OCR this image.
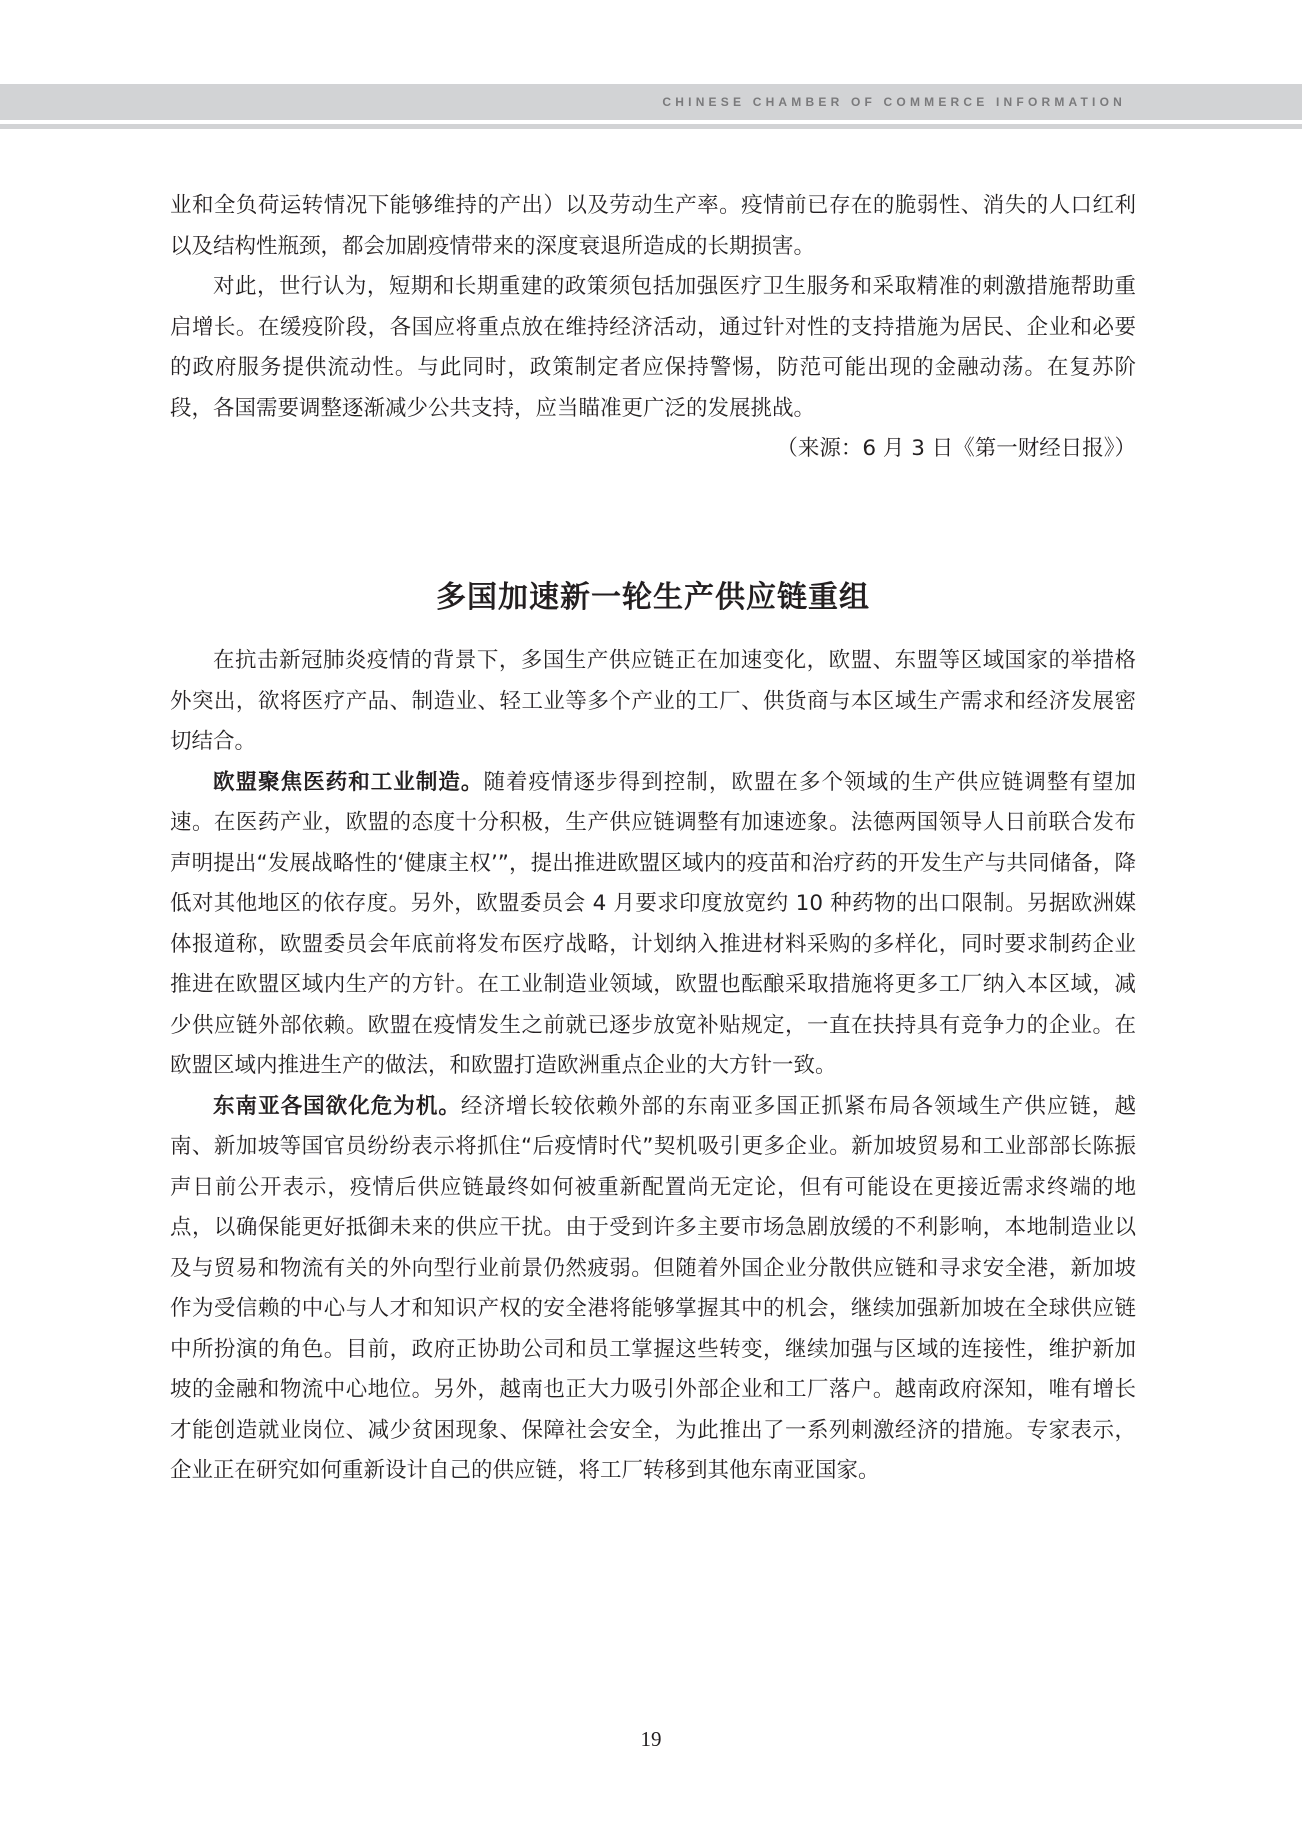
CHINESE CHAMBER OF COMMERCE INFORMATION

业和全负荷运转情况下能够维持的产出）以及劳动生产率。疫情前已存在的脆弱性、消失的人口红利以及结构性瓶颈，都会加剧疫情带来的深度衰退所造成的长期损害。

对此，世行认为，短期和长期重建的政策须包括加强医疗卫生服务和采取精准的刺激措施帮助重启增长。在缓疫阶段，各国应将重点放在维持经济活动，通过针对性的支持措施为居民、企业和必要的政府服务提供流动性。与此同时，政策制定者应保持警惕，防范可能出现的金融动荡。在复苏阶段，各国需要调整逐渐减少公共支持，应当瞄准更广泛的发展挑战。
（来源：6 月 3 日《第一财经日报》）

多国加速新一轮生产供应链重组

在抗击新冠肺炎疫情的背景下，多国生产供应链正在加速变化，欧盟、东盟等区域国家的举措格外突出，欲将医疗产品、制造业、轻工业等多个产业的工厂、供货商与本区域生产需求和经济发展密切结合。

欧盟聚焦医药和工业制造。随着疫情逐步得到控制，欧盟在多个领域的生产供应链调整有望加速。在医药产业，欧盟的态度十分积极，生产供应链调整有加速迹象。法德两国领导人日前联合发布声明提出“发展战略性的‘健康主权’”，提出推进欧盟区域内的疫苗和治疗药的开发生产与共同储备，降低对其他地区的依存度。另外，欧盟委员会 4 月要求印度放宽约 10 种药物的出口限制。另据欧洲媒体报道称，欧盟委员会年底前将发布医疗战略，计划纳入推进材料采购的多样化，同时要求制药企业推进在欧盟区域内生产的方针。在工业制造业领域，欧盟也酝酿采取措施将更多工厂纳入本区域，减少供应链外部依赖。欧盟在疫情发生之前就已逐步放宽补贴规定，一直在扶持具有竞争力的企业。在欧盟区域内推进生产的做法，和欧盟打造欧洲重点企业的大方针一致。

东南亚各国欲化危为机。经济增长较依赖外部的东南亚多国正抓紧布局各领域生产供应链，越南、新加坡等国官员纷纷表示将抓住“后疫情时代”契机吸引更多企业。新加坡贸易和工业部部长陈振声日前公开表示，疫情后供应链最终如何被重新配置尚无定论，但有可能设在更接近需求终端的地点，以确保能更好抵御未来的供应干扰。由于受到许多主要市场急剧放缓的不利影响，本地制造业以及与贸易和物流有关的外向型行业前景仍然疲弱。但随着外国企业分散供应链和寻求安全港，新加坡作为受信赖的中心与人才和知识产权的安全港将能够掌握其中的机会，继续加强新加坡在全球供应链中所扮演的角色。目前，政府正协助公司和员工掌握这些转变，继续加强与区域的连接性，维护新加坡的金融和物流中心地位。另外，越南也正大力吸引外部企业和工厂落户。越南政府深知，唯有增长才能创造就业岗位、减少贫困现象、保障社会安全，为此推出了一系列刺激经济的措施。专家表示，企业正在研究如何重新设计自己的供应链，将工厂转移到其他东南亚国家。

19
